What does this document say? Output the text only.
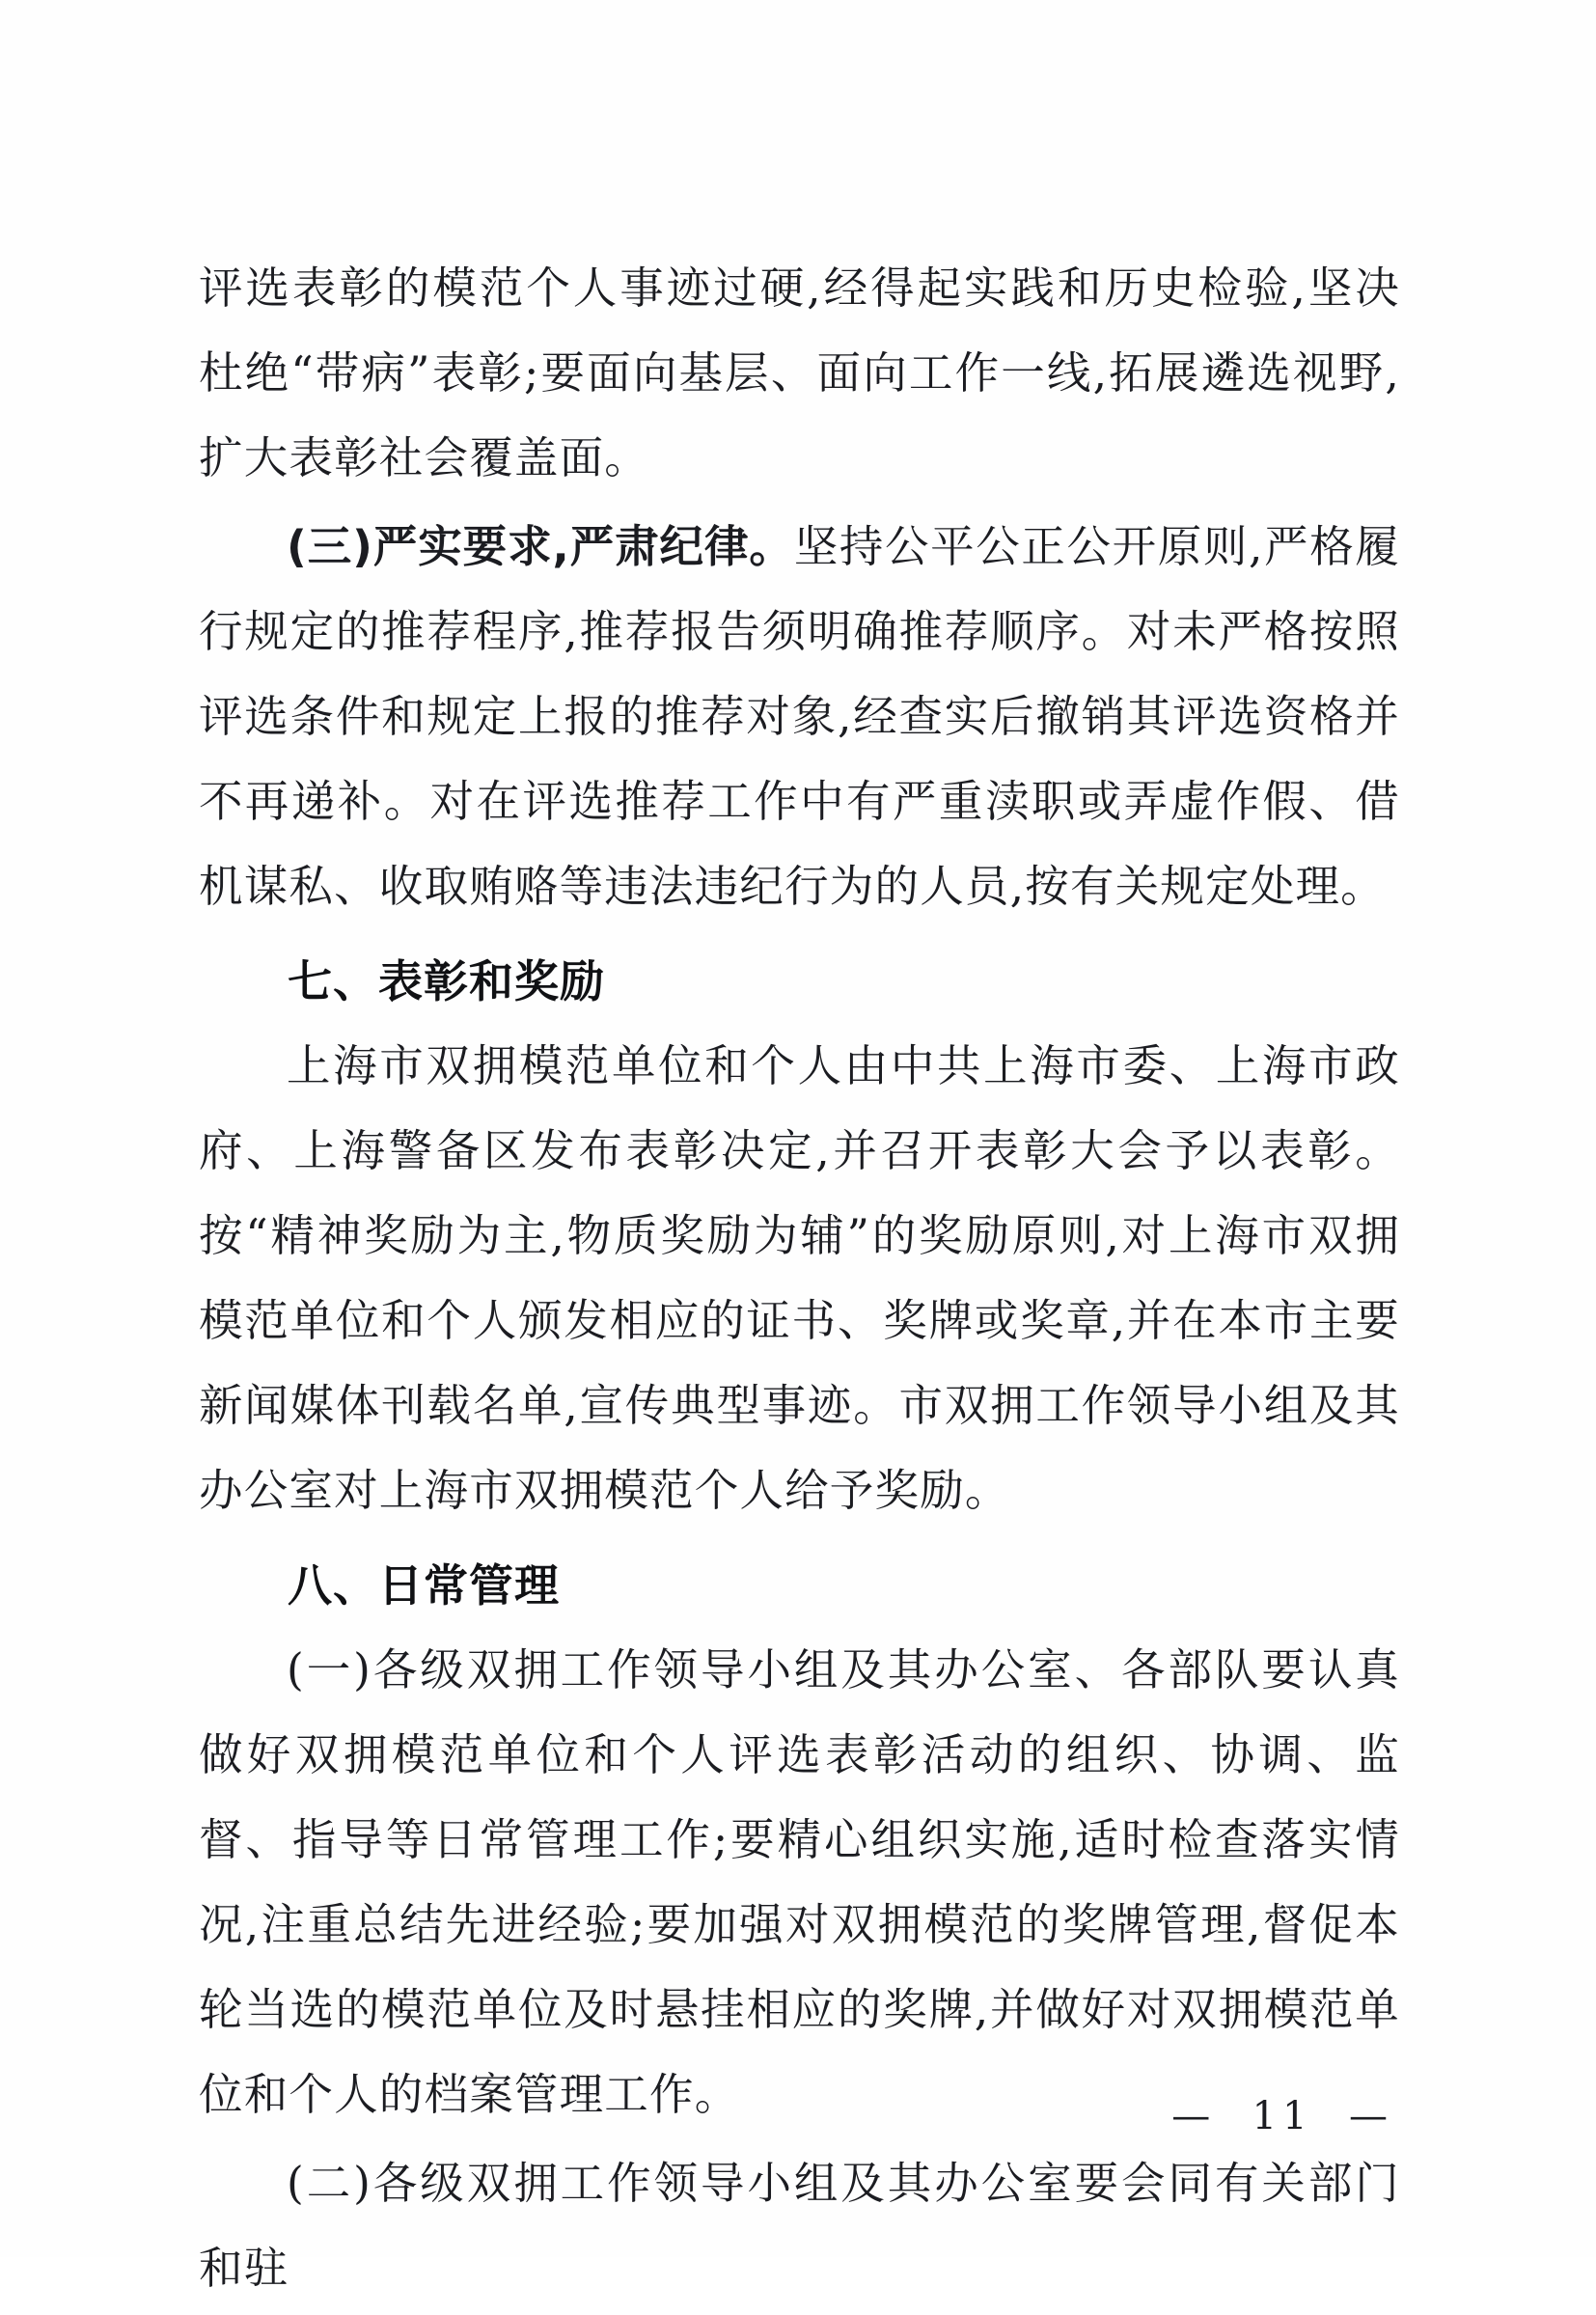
评选表彰的模范个人事迹过硬,经得起实践和历史检验,坚决杜绝“带病”表彰;要面向基层、面向工作一线,拓展遴选视野,扩大表彰社会覆盖面。

(三)严实要求,严肃纪律。坚持公平公正公开原则,严格履行规定的推荐程序,推荐报告须明确推荐顺序。对未严格按照评选条件和规定上报的推荐对象,经查实后撤销其评选资格并不再递补。对在评选推荐工作中有严重渎职或弄虚作假、借机谋私、收取贿赂等违法违纪行为的人员,按有关规定处理。

七、表彰和奖励

上海市双拥模范单位和个人由中共上海市委、上海市政府、上海警备区发布表彰决定,并召开表彰大会予以表彰。按“精神奖励为主,物质奖励为辅”的奖励原则,对上海市双拥模范单位和个人颁发相应的证书、奖牌或奖章,并在本市主要新闻媒体刊载名单,宣传典型事迹。市双拥工作领导小组及其办公室对上海市双拥模范个人给予奖励。

八、日常管理

(一)各级双拥工作领导小组及其办公室、各部队要认真做好双拥模范单位和个人评选表彰活动的组织、协调、监督、指导等日常管理工作;要精心组织实施,适时检查落实情况,注重总结先进经验;要加强对双拥模范的奖牌管理,督促本轮当选的模范单位及时悬挂相应的奖牌,并做好对双拥模范单位和个人的档案管理工作。

(二)各级双拥工作领导小组及其办公室要会同有关部门和驻

—  11  —
